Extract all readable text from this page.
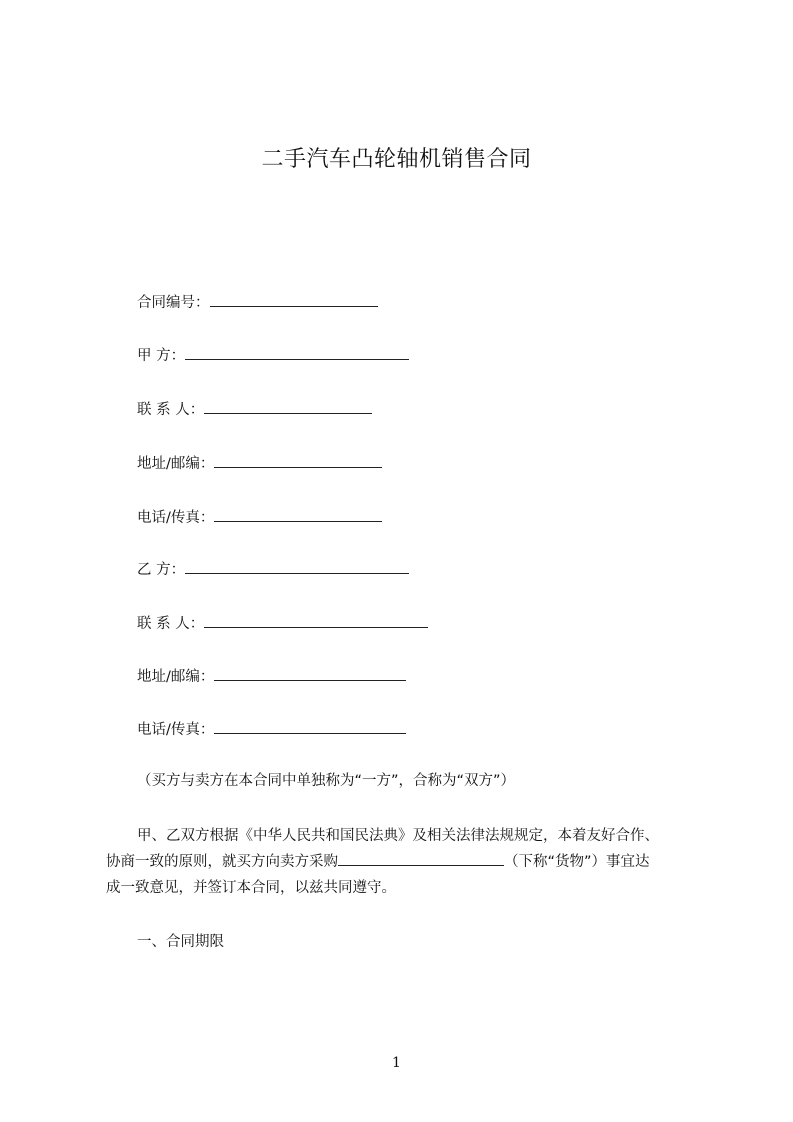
二手汽车凸轮轴机销售合同
合同编号：
甲 方：
联 系 人：
地址/邮编：
电话/传真：
乙 方：
联 系 人：
地址/邮编：
电话/传真：
（买方与卖方在本合同中单独称为“一方”，合称为“双方”）
甲、乙双方根据《中华人民共和国民法典》及相关法律法规规定，本着友好合作、
协商一致的原则，就买方向卖方采购	（下称“货物”）事宜达
成一致意见，并签订本合同，以兹共同遵守。
一、合同期限
1
